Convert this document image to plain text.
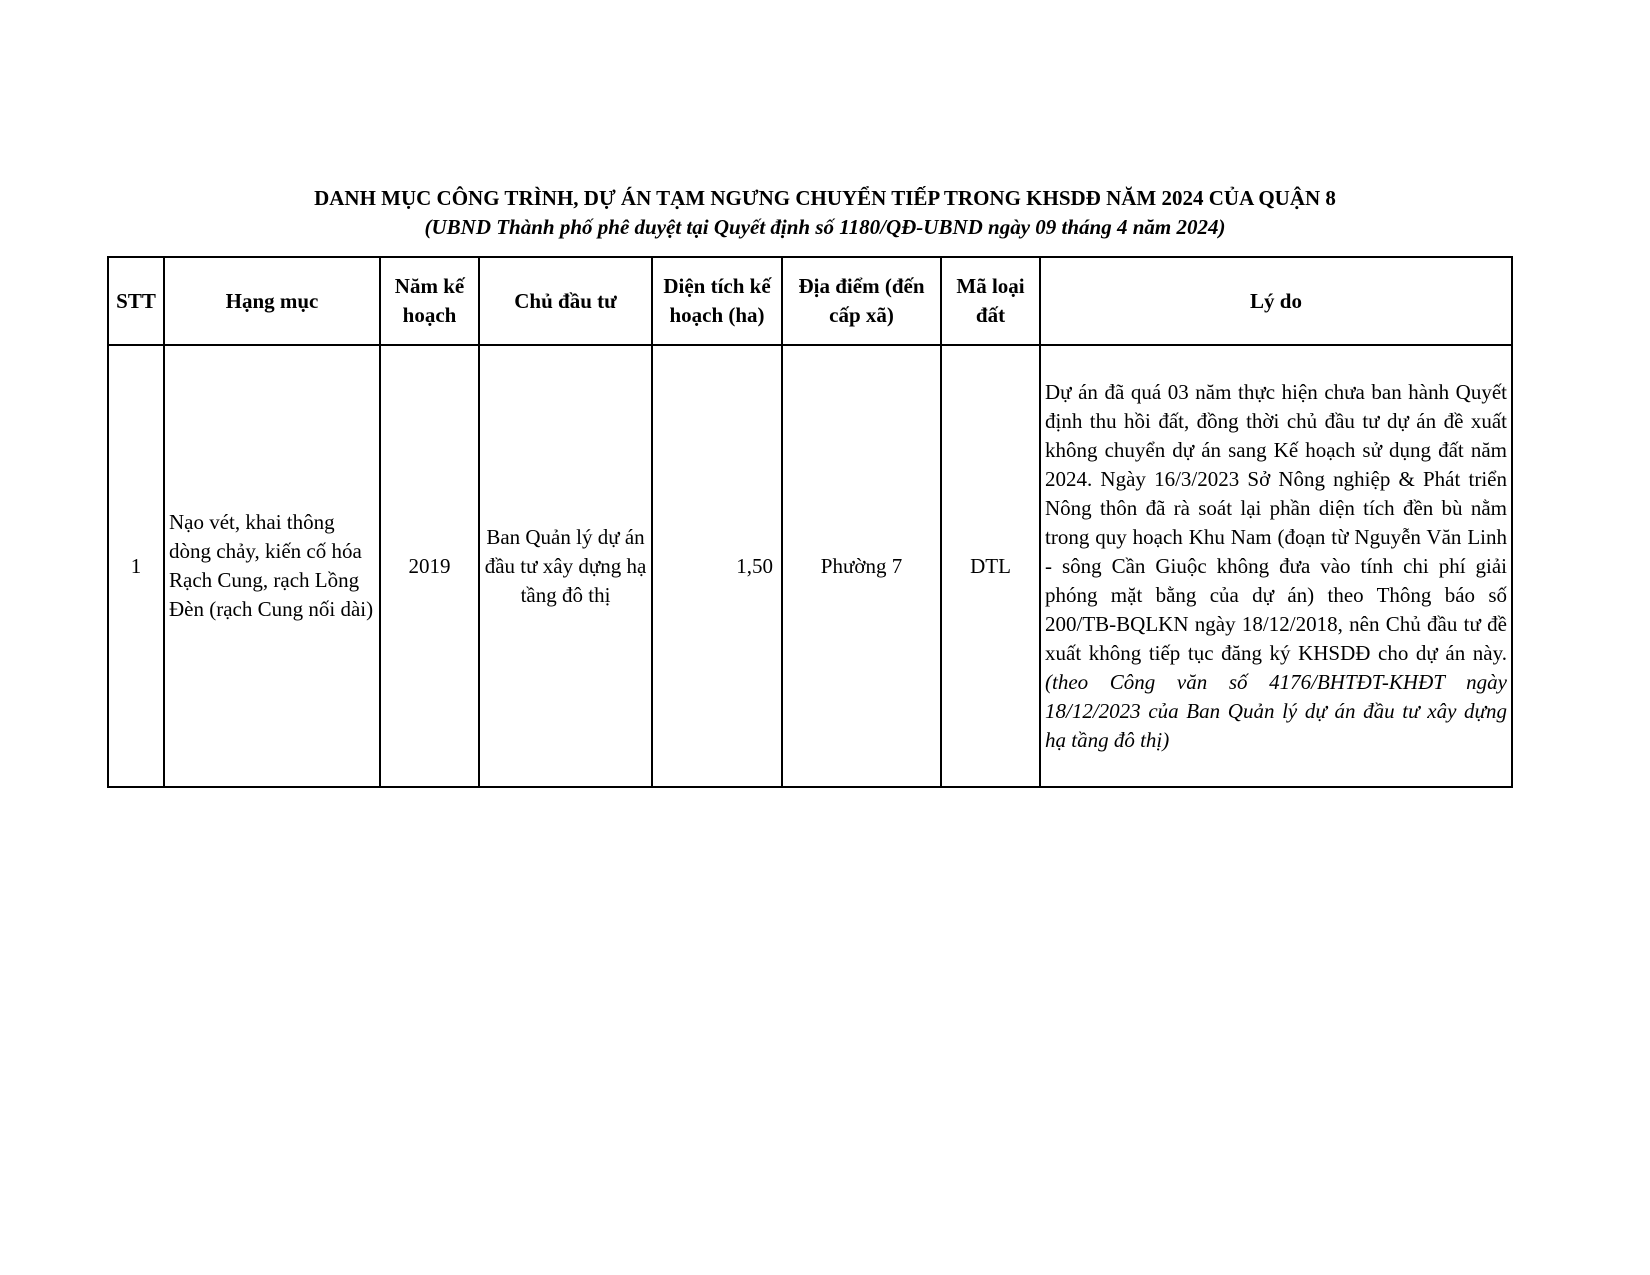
DANH MỤC CÔNG TRÌNH, DỰ ÁN TẠM NGƯNG CHUYỂN TIẾP TRONG KHSDĐ NĂM 2024 CỦA QUẬN 8
(UBND Thành phố phê duyệt tại Quyết định số 1180/QĐ-UBND ngày 09 tháng 4 năm 2024)
STT	Hạng mục	Năm kế hoạch	Chủ đầu tư	Diện tích kế hoạch (ha)	Địa điểm (đến cấp xã)	Mã loại đất	Lý do
1	Nạo vét, khai thông dòng chảy, kiến cố hóa Rạch Cung, rạch Lồng Đèn (rạch Cung nối dài)	2019	Ban Quản lý dự án đầu tư xây dựng hạ tầng đô thị	1,50	Phường 7	DTL	Dự án đã quá 03 năm thực hiện chưa ban hành Quyết định thu hồi đất, đồng thời chủ đầu tư dự án đề xuất không chuyển dự án sang Kế hoạch sử dụng đất năm 2024. Ngày 16/3/2023 Sở Nông nghiệp & Phát triển Nông thôn đã rà soát lại phần diện tích đền bù nằm trong quy hoạch Khu Nam (đoạn từ Nguyễn Văn Linh - sông Cần Giuộc không đưa vào tính chi phí giải phóng mặt bằng của dự án) theo Thông báo số 200/TB-BQLKN ngày 18/12/2018, nên Chủ đầu tư đề xuất không tiếp tục đăng ký KHSDĐ cho dự án này. (theo Công văn số 4176/BHTĐT-KHĐT ngày 18/12/2023 của Ban Quản lý dự án đầu tư xây dựng hạ tầng đô thị)
